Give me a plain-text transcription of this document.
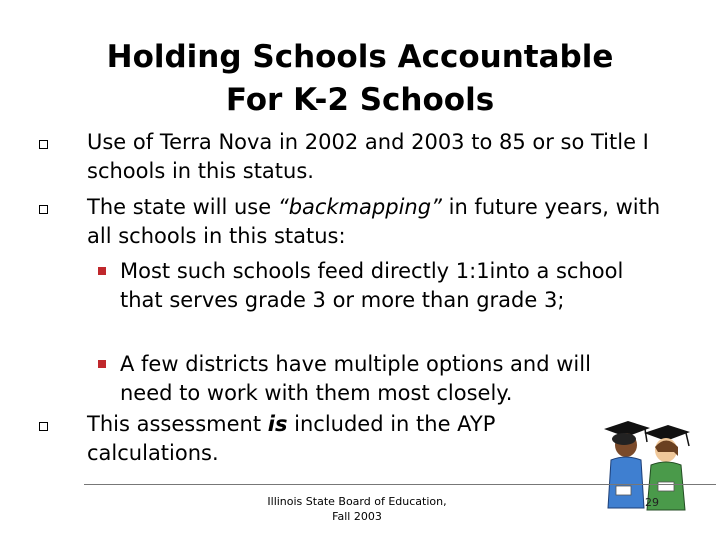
Holding Schools Accountable
For K-2 Schools
Use of Terra Nova in 2002 and 2003 to 85 or so Title I schools in this status.
The state will use “backmapping” in future years, with all schools in this status:
Most such schools feed directly 1:1into a school that serves grade 3 or more than grade 3;
A few districts have multiple options and will need to work with them most closely.
This assessment is included in the AYP calculations.
Illinois State Board of Education,
Fall 2003
29
